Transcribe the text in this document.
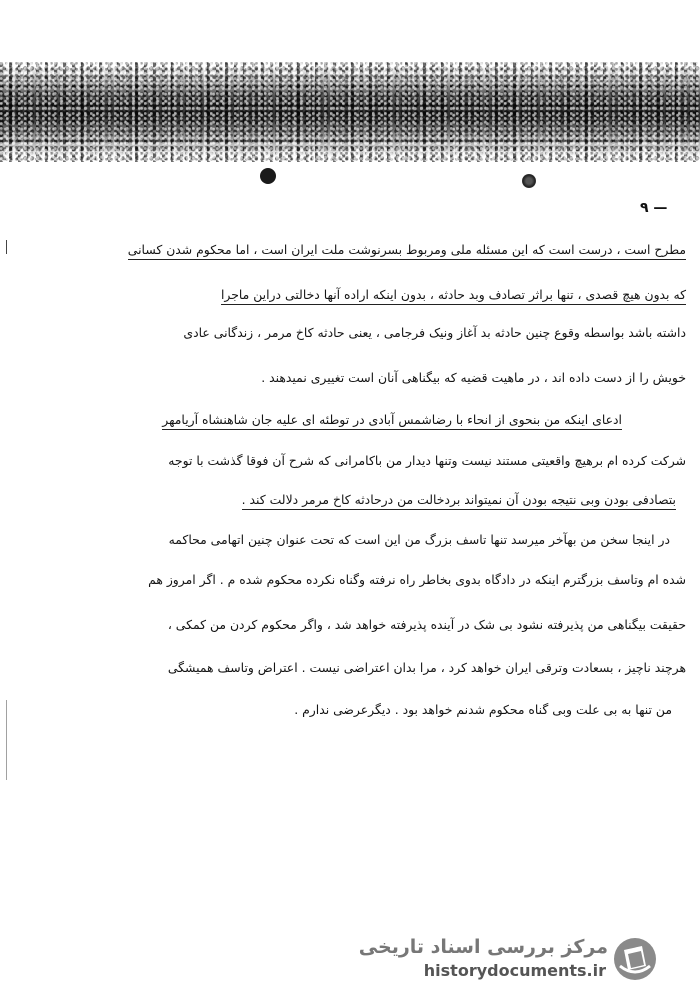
۹ —
مطرح است ، درست است که این مسئله ملی ومربوط بسرنوشت ملت ایران است ، اما محکوم شدن کسانی
که بدون هیچ قصدی ، تنها براثر تصادف وبد حادثه ، بدون اینکه اراده آنها دخالتی دراین ماجرا
داشته باشد بواسطه وقوع چنین حادثه بد آغاز ونیک فرجامی ، یعنی حادثه کاخ مرمر ، زندگانی عادی
خویش را از دست داده اند ، در ماهیت قضیه که بیگناهی آنان است تغییری نمیدهند .
ادعای اینکه من بنحوی از انحاء با رضاشمس آبادی در توطئه ای علیه جان شاهنشاه آریامهر
شرکت کرده ام برهیچ واقعیتی مستند نیست وتنها دیدار من باکامرانی که شرح آن فوقا گذشت با توجه
بتصادفی بودن وبی نتیجه بودن آن نمیتواند بردخالت من درحادثه کاخ مرمر دلالت کند .
در اینجا سخن من بهآخر میرسد تنها تاسف بزرگ من این است که تحت عنوان چنین اتهامی محاکمه
شده ام وتاسف بزرگترم اینکه در دادگاه بدوی بخاطر راه نرفته وگناه نکرده محکوم شده م . اگر امروز هم
حقیقت بیگناهی من پذیرفته نشود بی شک در آینده پذیرفته خواهد شد ، واگر محکوم کردن من کمکی ،
هرچند ناچیز ، بسعادت وترقی ایران خواهد کرد ، مرا بدان اعتراضی نیست . اعتراض وتاسف همیشگی
من تنها به بی علت وبی گناه محکوم شدنم خواهد بود . دیگرعرضی ندارم .
مرکز بررسی اسناد تاریخی
historydocuments.ir
